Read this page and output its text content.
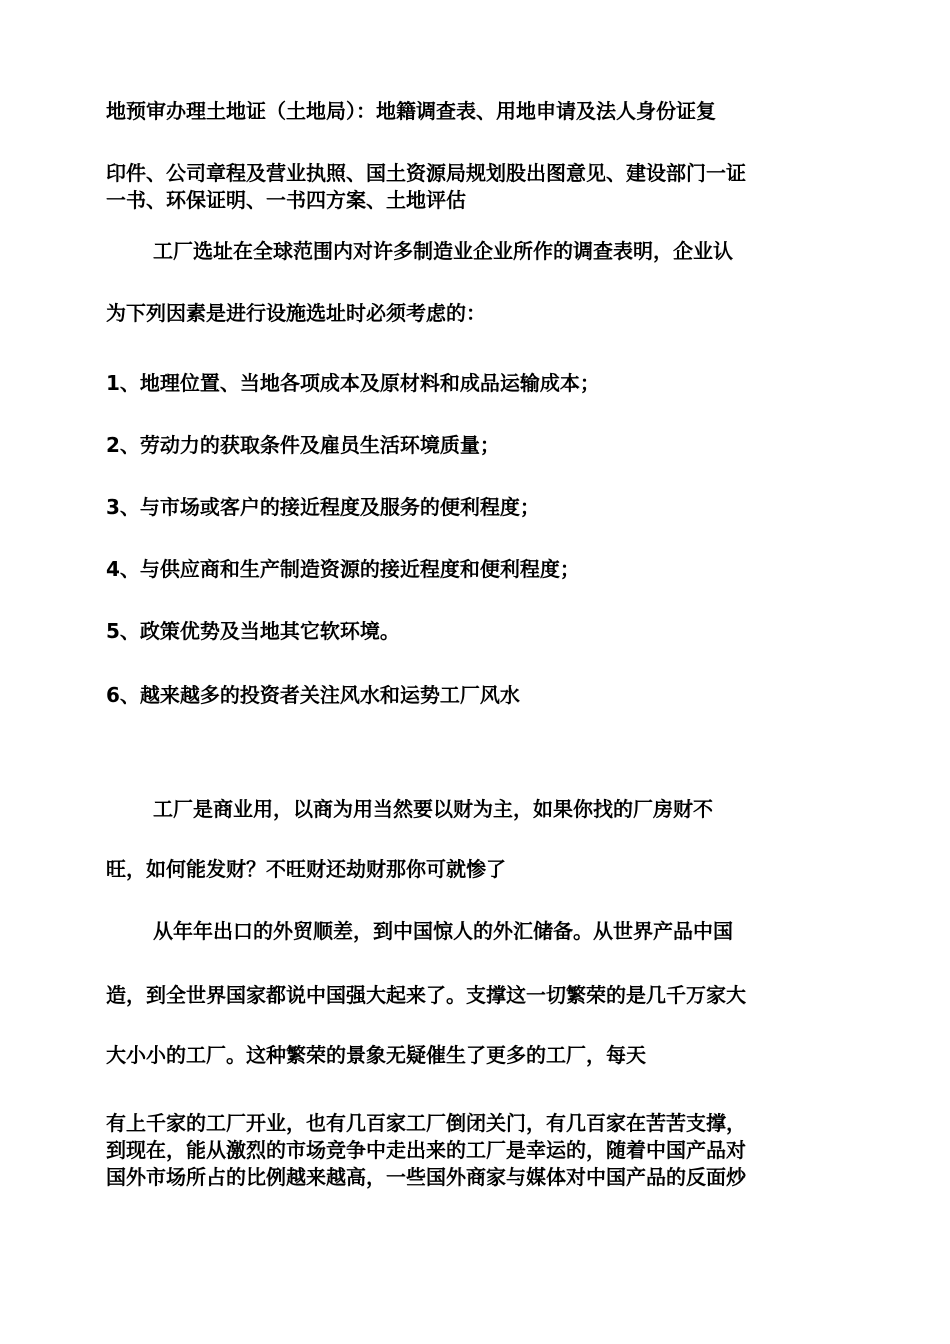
地预审办理土地证（土地局）：地籍调查表、用地申请及法人身份证复
印件、公司章程及营业执照、国土资源局规划股出图意见、建设部门一证
一书、环保证明、一书四方案、土地评估
工厂选址在全球范围内对许多制造业企业所作的调查表明，企业认
为下列因素是进行设施选址时必须考虑的：
1、地理位置、当地各项成本及原材料和成品运输成本；
2、劳动力的获取条件及雇员生活环境质量；
3、与市场或客户的接近程度及服务的便利程度；
4、与供应商和生产制造资源的接近程度和便利程度；
5、政策优势及当地其它软环境。
6、越来越多的投资者关注风水和运势工厂风水
工厂是商业用，以商为用当然要以财为主，如果你找的厂房财不
旺，如何能发财？不旺财还劫财那你可就惨了
从年年出口的外贸顺差，到中国惊人的外汇储备。从世界产品中国
造，到全世界国家都说中国强大起来了。支撑这一切繁荣的是几千万家大
大小小的工厂。这种繁荣的景象无疑催生了更多的工厂，每天
有上千家的工厂开业，也有几百家工厂倒闭关门，有几百家在苦苦支撑，
到现在，能从激烈的市场竞争中走出来的工厂是幸运的，随着中国产品对
国外市场所占的比例越来越高，一些国外商家与媒体对中国产品的反面炒
